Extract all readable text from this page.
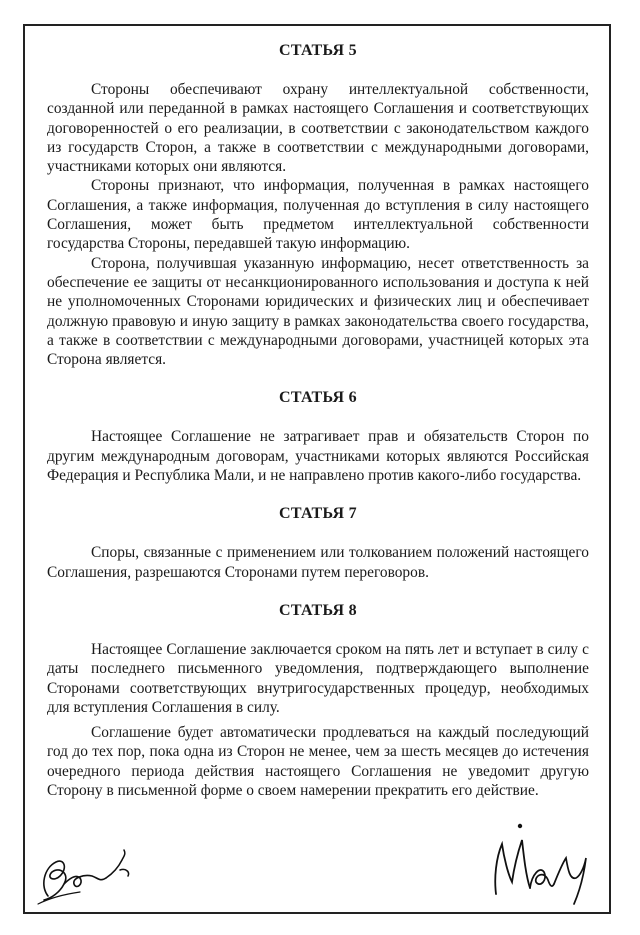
СТАТЬЯ 5

Стороны обеспечивают охрану интеллектуальной собственности, созданной или переданной в рамках настоящего Соглашения и соответствующих договоренностей о его реализации, в соответствии с законодательством каждого из государств Сторон, а также в соответствии с международными договорами, участниками которых они являются.

Стороны признают, что информация, полученная в рамках настоящего Соглашения, а также информация, полученная до вступления в силу настоящего Соглашения, может быть предметом интеллектуальной собственности государства Стороны, передавшей такую информацию.

Сторона, получившая указанную информацию, несет ответственность за обеспечение ее защиты от несанкционированного использования и доступа к ней не уполномоченных Сторонами юридических и физических лиц и обеспечивает должную правовую и иную защиту в рамках законодательства своего государства, а также в соответствии с международными договорами, участницей которых эта Сторона является.

СТАТЬЯ 6

Настоящее Соглашение не затрагивает прав и обязательств Сторон по другим международным договорам, участниками которых являются Российская Федерация и Республика Мали, и не направлено против какого-либо государства.

СТАТЬЯ 7

Споры, связанные с применением или толкованием положений настоящего Соглашения, разрешаются Сторонами путем переговоров.

СТАТЬЯ 8

Настоящее Соглашение заключается сроком на пять лет и вступает в силу с даты последнего письменного уведомления, подтверждающего выполнение Сторонами соответствующих внутригосударственных процедур, необходимых для вступления Соглашения в силу.

Соглашение будет автоматически продлеваться на каждый последующий год до тех пор, пока одна из Сторон не менее, чем за шесть месяцев до истечения очередного периода действия настоящего Соглашения не уведомит другую Сторону в письменной форме о своем намерении прекратить его действие.
